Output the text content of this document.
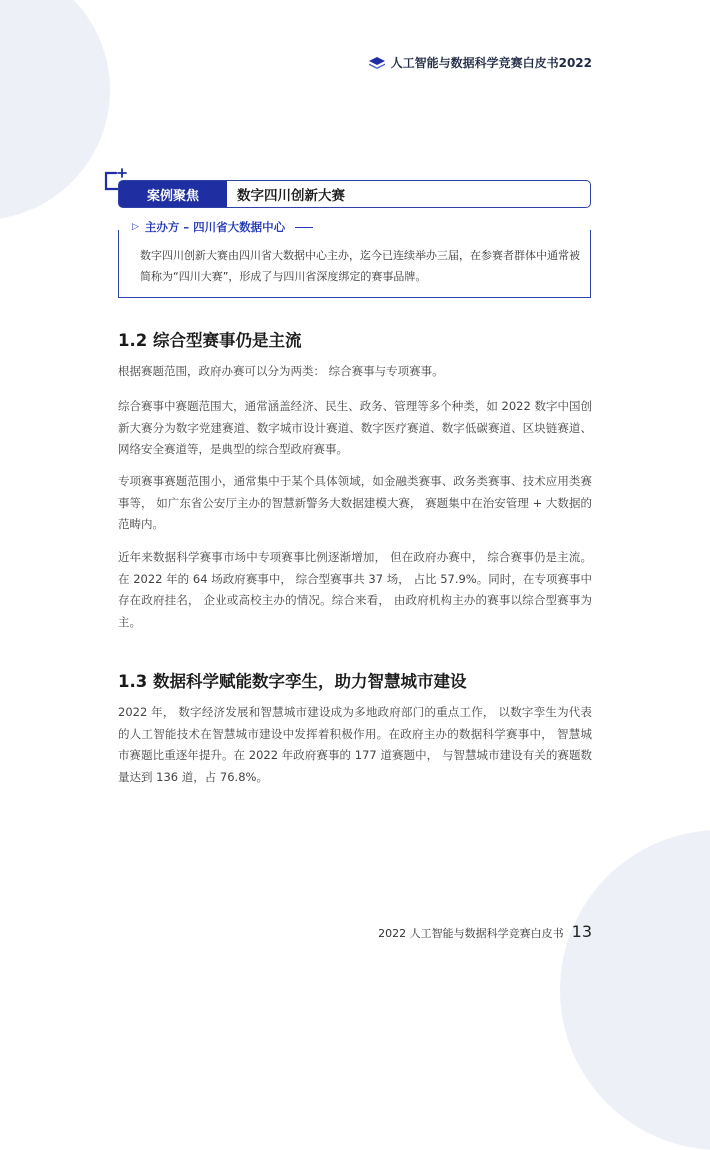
人工智能与数据科学竞赛白皮书2022
案例聚焦	数字四川创新大赛
▷ 主办方 – 四川省大数据中心
数字四川创新大赛由四川省大数据中心主办，迄今已连续举办三届，在参赛者群体中通常被简称为“四川大赛”，形成了与四川省深度绑定的赛事品牌。
1.2 综合型赛事仍是主流

根据赛题范围，政府办赛可以分为两类： 综合赛事与专项赛事。

综合赛事中赛题范围大，通常涵盖经济、民生、政务、管理等多个种类，如 2022 数字中国创新大赛分为数字党建赛道、数字城市设计赛道、数字医疗赛道、数字低碳赛道、区块链赛道、网络安全赛道等，是典型的综合型政府赛事。

专项赛事赛题范围小，通常集中于某个具体领域，如金融类赛事、政务类赛事、技术应用类赛事等， 如广东省公安厅主办的智慧新警务大数据建模大赛， 赛题集中在治安管理 + 大数据的范畴内。

近年来数据科学赛事市场中专项赛事比例逐渐增加， 但在政府办赛中， 综合赛事仍是主流。在 2022 年的 64 场政府赛事中， 综合型赛事共 37 场， 占比 57.9%。同时，在专项赛事中存在政府挂名， 企业或高校主办的情况。综合来看， 由政府机构主办的赛事以综合型赛事为主。

1.3 数据科学赋能数字孪生，助力智慧城市建设

2022 年， 数字经济发展和智慧城市建设成为多地政府部门的重点工作， 以数字孪生为代表的人工智能技术在智慧城市建设中发挥着积极作用。在政府主办的数据科学赛事中， 智慧城市赛题比重逐年提升。在 2022 年政府赛事的 177 道赛题中， 与智慧城市建设有关的赛题数量达到 136 道，占 76.8%。

2022 人工智能与数据科学竞赛白皮书 13
